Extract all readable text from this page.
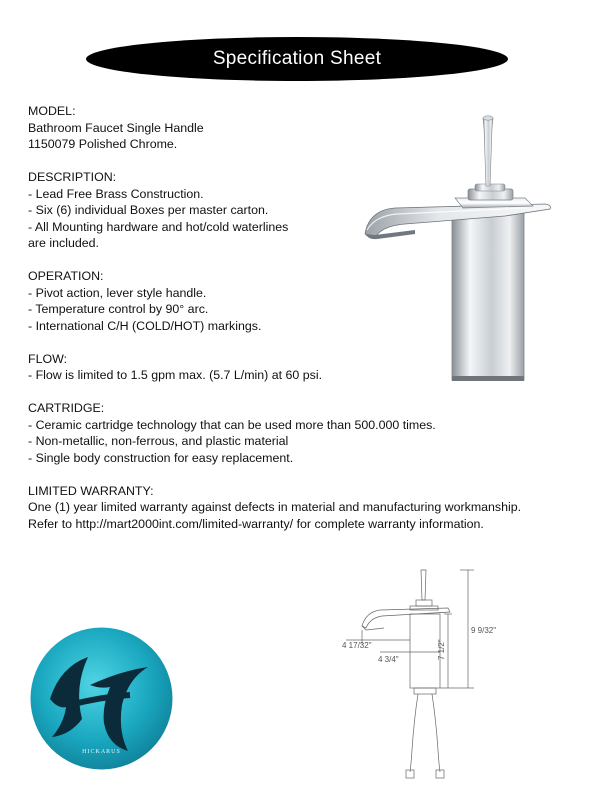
Specification Sheet
MODEL:
Bathroom Faucet Single Handle
1150079 Polished Chrome.
DESCRIPTION:
- Lead Free Brass Construction.
- Six (6) individual Boxes per master carton.
- All Mounting hardware and hot/cold waterlines
are included.
OPERATION:
- Pivot action, lever style handle.
- Temperature control by 90° arc.
- International C/H (COLD/HOT) markings.
FLOW:
- Flow is limited to 1.5 gpm max. (5.7 L/min) at 60 psi.
CARTRIDGE:
- Ceramic cartridge technology that can be used more than 500.000 times.
- Non-metallic, non-ferrous, and plastic material
- Single body construction for easy replacement.
LIMITED WARRANTY:
One (1) year limited warranty against defects in material and manufacturing workmanship.
Refer to http://mart2000int.com/limited-warranty/ for complete warranty information.
9 9/32"
7 1/2"
4 17/32"
4 3/4"
HICKARUS
